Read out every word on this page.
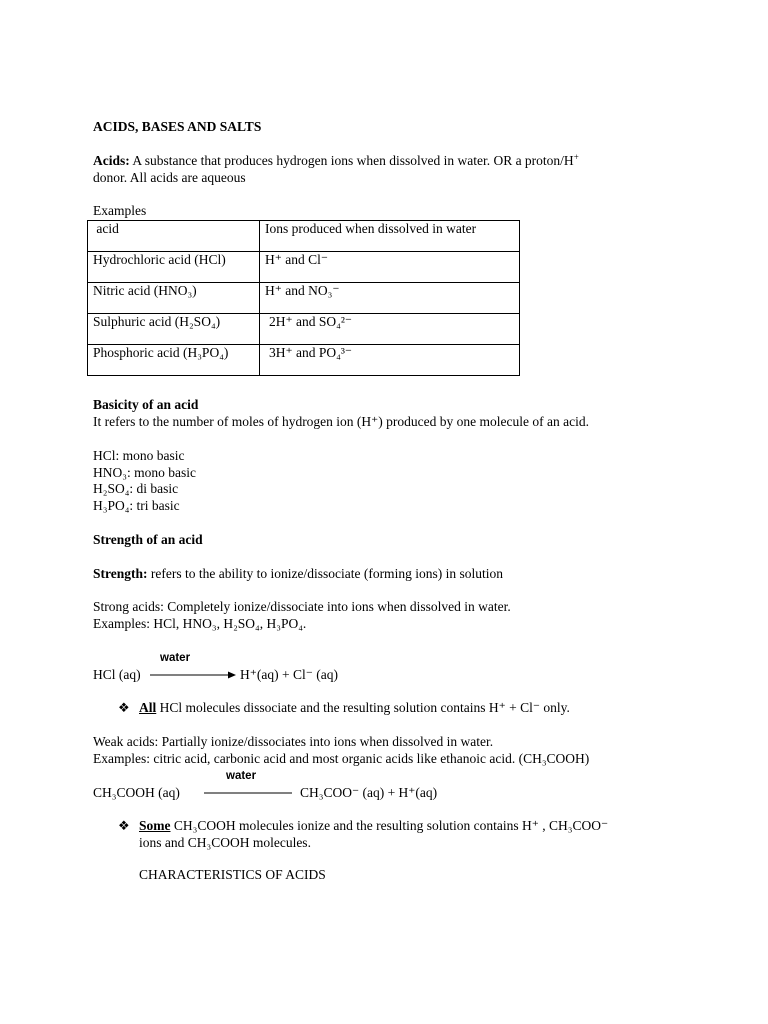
ACIDS, BASES AND SALTS
Acids: A substance that produces hydrogen ions when dissolved in water. OR a proton/H+
donor. All acids are aqueous
Examples
acid	Ions produced when dissolved in water
Hydrochloric acid (HCl)	H⁺ and Cl⁻
Nitric acid (HNO₃)	H⁺ and NO₃⁻
Sulphuric acid (H₂SO₄)	2H⁺ and SO₄²⁻
Phosphoric acid (H₃PO₄)	3H⁺ and PO₄³⁻
Basicity of an acid
It refers to the number of moles of hydrogen ion (H⁺) produced by one molecule of an acid.
HCl: mono basic
HNO₃: mono basic
H₂SO₄: di basic
H₃PO₄: tri basic
Strength of an acid
Strength: refers to the ability to ionize/dissociate (forming ions) in solution
Strong acids: Completely ionize/dissociate into ions when dissolved in water.
Examples: HCl, HNO₃, H₂SO₄, H₃PO₄.
water
HCl (aq)	H⁺(aq) + Cl⁻ (aq)
❖ All HCl molecules dissociate and the resulting solution contains H⁺ + Cl⁻ only.
Weak acids: Partially ionize/dissociates into ions when dissolved in water.
Examples: citric acid, carbonic acid and most organic acids like ethanoic acid. (CH₃COOH)
water
CH₃COOH (aq)	CH₃COO⁻ (aq) + H⁺(aq)
❖ Some CH₃COOH molecules ionize and the resulting solution contains H⁺ , CH₃COO⁻
ions and CH₃COOH molecules.
CHARACTERISTICS OF ACIDS
